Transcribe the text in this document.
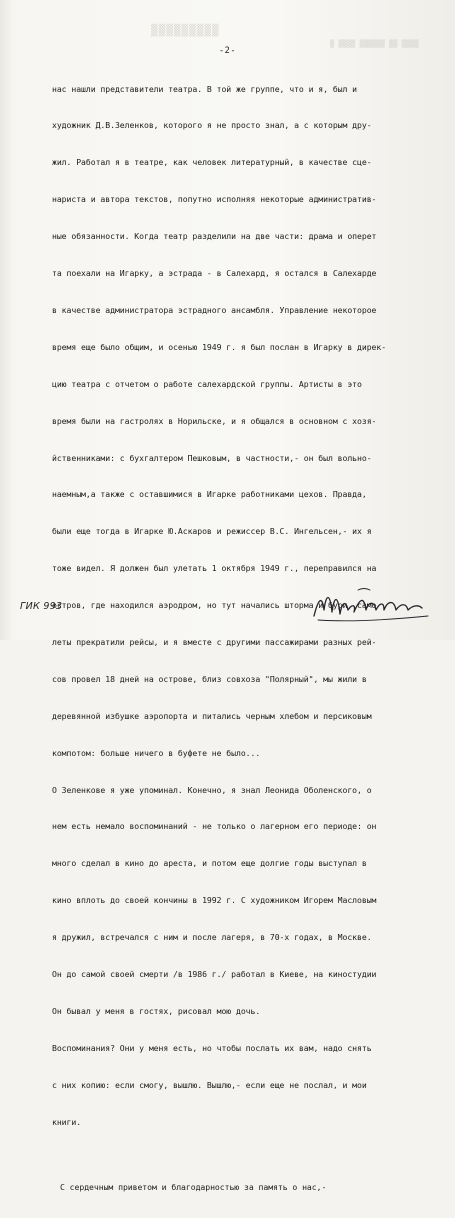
▒▒▒▒▒▒▒▒▒
▒▒▒▒ ▒▒ ▒▒▒▒▒▒ ▒▒▒▒ ▒
-2-

нас нашли представители театра. В той же группе, что и я, был и

художник Д.В.Зеленков, которого я не просто знал, а с которым дру-

жил. Работал я в театре, как человек литературный, в качестве сце-

нариста и автора текстов, попутно исполняя некоторые административ-

ные обязанности. Когда театр разделили на две части: драма и оперет

та поехали на Игарку, а эстрада - в Салехард, я остался в Салехарде

в качестве администратора эстрадного ансамбля. Управление некоторое

время еще было общим, и осенью 1949 г. я был послан в Игарку в дирек-

цию театра с отчетом о работе салехардской группы. Артисты в это

время были на гастролях в Норильске, и я общался в основном с хозя-

йственниками: с бухгалтером Пешковым, в частности,- он был вольно-

наемным,а также с оставшимися в Игарке работниками цехов. Правда,

были еще тогда в Игарке Ю.Аскаров и режиссер В.С. Ингельсен,- их я

тоже видел. Я должен был улетать 1 октября 1949 г., переправился на

остров, где находился аэродром, но тут начались шторма и бури, само

леты прекратили рейсы, и я вместе с другими пассажирами разных рей-

сов провел 18 дней на острове, близ совхоза "Полярный", мы жили в

деревянной избушке аэропорта и питались черным хлебом и персиковым

компотом: больше ничего в буфете не было...

О Зеленкове я уже упоминал. Конечно, я знал Леонида Оболенского, о

нем есть немало воспоминаний - не только о лагерном его периоде: он

много сделал в кино до ареста, и потом еще долгие годы выступал в

кино вплоть до своей кончины в 1992 г. С художником Игорем Масловым

я дружил, встречался с ним и после лагеря, в 70-х годах, в Москве.

Он до самой своей смерти /в 1986 г./ работал в Киеве, на киностудии

Он бывал у меня в гостях, рисовал мою дочь.

Воспоминания? Они у меня есть, но чтобы послать их вам, надо снять

с них копию: если смогу, вышлю. Вышлю,- если еще не послал, и мои

книги.

С сердечным приветом и благодарностью за память о нас,-

ГИК 993
